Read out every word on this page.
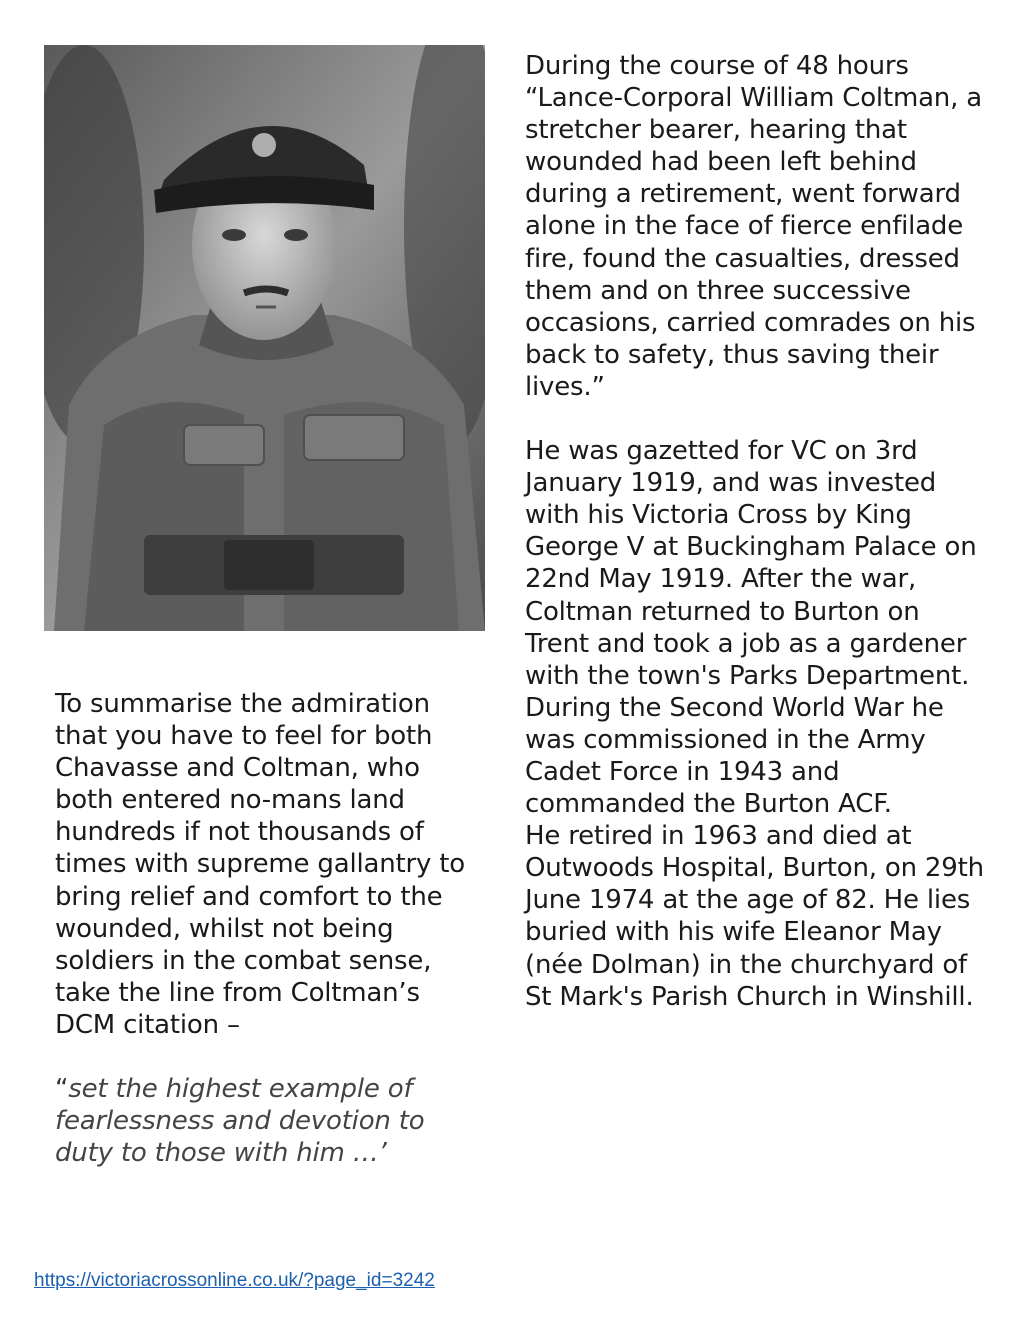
During the course of 48 hours “Lance-Corporal William Coltman, a stretcher bearer, hearing that wounded had been left behind during a retirement, went forward alone in the face of fierce enfilade fire, found the casualties, dressed them and on three successive occasions, carried comrades on his back to safety, thus saving their lives.”

He was gazetted for VC on 3rd January 1919, and was invested with his Victoria Cross by King George V at Buckingham Palace on 22nd May 1919. After the war, Coltman returned to Burton on Trent and took a job as a gardener with the town's Parks Department. During the Second World War he was commissioned in the Army Cadet Force in 1943 and commanded the Burton ACF.

He retired in 1963 and died at Outwoods Hospital, Burton, on 29th June 1974 at the age of 82. He lies buried with his wife Eleanor May (née Dolman) in the churchyard of St Mark's Parish Church in Winshill.

To summarise the admiration that you have to feel for both Chavasse and Coltman, who both entered no-mans land hundreds if not thousands of times with supreme gallantry to bring relief and comfort to the wounded, whilst not being soldiers in the combat sense, take the line from Coltman’s DCM citation –

“set the highest example of fearlessness and devotion to duty to those with him …’

https://victoriacrossonline.co.uk/?page_id=3242
